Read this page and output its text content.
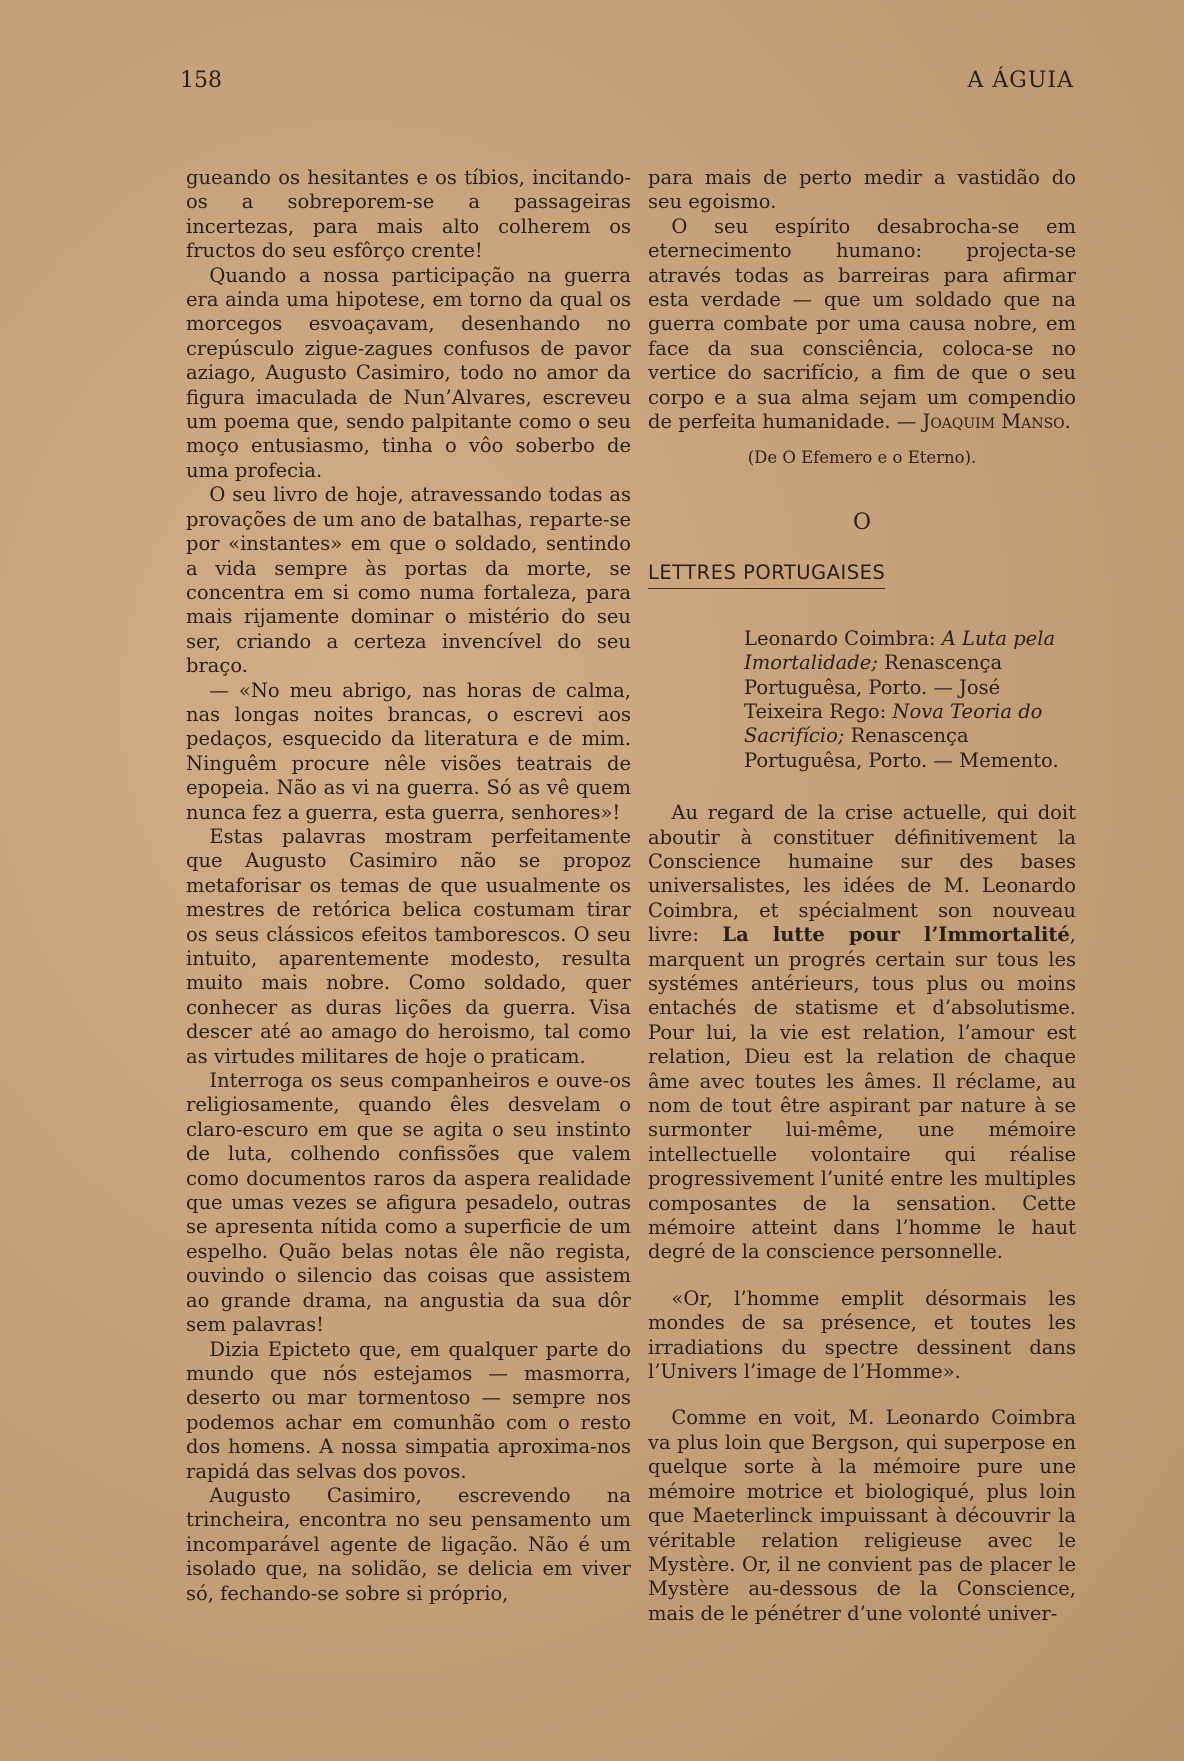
158	A ÁGUIA

gueando os hesitantes e os tíbios, incitando-os a sobreporem-se a passageiras incertezas, para mais alto colherem os fructos do seu esfôrço crente!

Quando a nossa participação na guerra era ainda uma hipotese, em torno da qual os morcegos esvoaçavam, desenhando no crepúsculo zigue-zagues confusos de pavor aziago, Augusto Casimiro, todo no amor da figura imaculada de Nun’Alvares, escreveu um poema que, sendo palpitante como o seu moço entusiasmo, tinha o vôo soberbo de uma profecia.

O seu livro de hoje, atravessando todas as provações de um ano de batalhas, reparte-se por «instantes» em que o soldado, sentindo a vida sempre às portas da morte, se concentra em si como numa fortaleza, para mais rijamente dominar o mistério do seu ser, criando a certeza invencível do seu braço.

— «No meu abrigo, nas horas de calma, nas longas noites brancas, o escrevi aos pedaços, esquecido da literatura e de mim. Ninguêm procure nêle visões teatrais de epopeia. Não as vi na guerra. Só as vê quem nunca fez a guerra, esta guerra, senhores»!

Estas palavras mostram perfeitamente que Augusto Casimiro não se propoz metaforisar os temas de que usualmente os mestres de retórica belica costumam tirar os seus clássicos efeitos tamborescos. O seu intuito, aparentemente modesto, resulta muito mais nobre. Como soldado, quer conhecer as duras lições da guerra. Visa descer até ao amago do heroismo, tal como as virtudes militares de hoje o praticam.

Interroga os seus companheiros e ouve-os religiosamente, quando êles desvelam o claro-escuro em que se agita o seu instinto de luta, colhendo confissões que valem como documentos raros da aspera realidade que umas vezes se afigura pesadelo, outras se apresenta nítida como a superficie de um espelho. Quão belas notas êle não regista, ouvindo o silencio das coisas que assistem ao grande drama, na angustia da sua dôr sem palavras!

Dizia Epicteto que, em qualquer parte do mundo que nós estejamos — masmorra, deserto ou mar tormentoso — sempre nos podemos achar em comunhão com o resto dos homens. A nossa simpatia aproxima-nos rapidá das selvas dos povos.

Augusto Casimiro, escrevendo na trincheira, encontra no seu pensamento um incomparável agente de ligação. Não é um isolado que, na solidão, se delicia em viver só, fechando-se sobre si próprio,

para mais de perto medir a vastidão do seu egoismo.

O seu espírito desabrocha-se em eternecimento humano: projecta-se através todas as barreiras para afirmar esta verdade — que um soldado que na guerra combate por uma causa nobre, em face da sua consciência, coloca-se no vertice do sacrifício, a fim de que o seu corpo e a sua alma sejam um compendio de perfeita humanidade. — Joaquim Manso.

(De O Efemero e o Eterno).

O

LETTRES PORTUGAISES

Leonardo Coimbra: A Luta pela Imortalidade; Renascença Portuguêsa, Porto. — José Teixeira Rego: Nova Teoria do Sacrifício; Renascença Portuguêsa, Porto. — Memento.

Au regard de la crise actuelle, qui doit aboutir à constituer définitivement la Conscience humaine sur des bases universalistes, les idées de M. Leonardo Coimbra, et spécialment son nouveau livre: La lutte pour l’Immortalité, marquent un progrés certain sur tous les systémes antérieurs, tous plus ou moins entachés de statisme et d’absolutisme. Pour lui, la vie est relation, l’amour est relation, Dieu est la relation de chaque âme avec toutes les âmes. Il réclame, au nom de tout être aspirant par nature à se surmonter lui-même, une mémoire intellectuelle volontaire qui réalise progressivement l’unité entre les multiples composantes de la sensation. Cette mémoire atteint dans l’homme le haut degré de la conscience personnelle.

«Or, l’homme emplit désormais les mondes de sa présence, et toutes les irradiations du spectre dessinent dans l’Univers l’image de l’Homme».

Comme en voit, M. Leonardo Coimbra va plus loin que Bergson, qui superpose en quelque sorte à la mémoire pure une mémoire motrice et biologiqué, plus loin que Maeterlinck impuissant à découvrir la véritable relation religieuse avec le Mystère. Or, il ne convient pas de placer le Mystère au-dessous de la Conscience, mais de le pénétrer d’une volonté univer-
